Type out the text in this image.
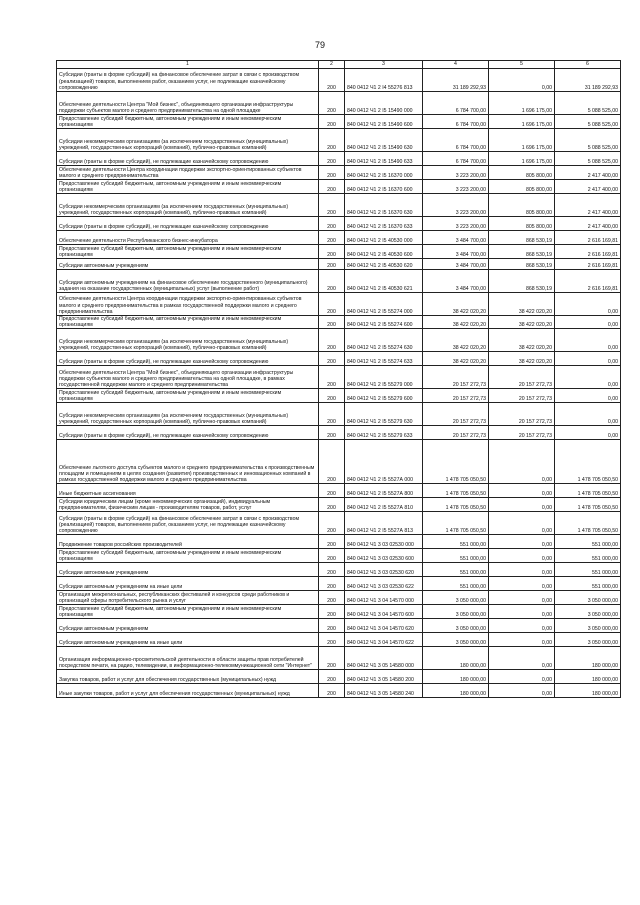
79
1	2	3	4	5	6
Субсидии (гранты в форме субсидий) на финансовое обеспечение затрат в связи с производством (реализацией) товаров, выполнением работ, оказанием услуг, не подлежащие казначейскому сопровождению	200	840 0412 Ч1 2 I4 55276 813	31 189 292,93	0,00	31 189 292,93
Обеспечение деятельности Центра "Мой бизнес", объединяющего организации инфраструктуры поддержки субъектов малого и среднего предпринимательства на одной площадке	200	840 0412 Ч1 2 I5 15490 000	6 784 700,00	1 696 175,00	5 088 525,00
Предоставление субсидий бюджетным, автономным учреждениям и иным некоммерческим организациям	200	840 0412 Ч1 2 I5 15490 600	6 784 700,00	1 696 175,00	5 088 525,00
Субсидии некоммерческим организациям (за исключением государственных (муниципальных) учреждений, государственных корпораций (компаний), публично-правовых компаний)	200	840 0412 Ч1 2 I5 15490 630	6 784 700,00	1 696 175,00	5 088 525,00
Субсидии (гранты в форме субсидий), не подлежащие казначейскому сопровождению	200	840 0412 Ч1 2 I5 15490 633	6 784 700,00	1 696 175,00	5 088 525,00
Обеспечение деятельности Центра координации поддержки экспортно-ориентированных субъектов малого и среднего предпринимательства	200	840 0412 Ч1 2 I5 16370 000	3 223 200,00	805 800,00	2 417 400,00
Предоставление субсидий бюджетным, автономным учреждениям и иным некоммерческим организациям	200	840 0412 Ч1 2 I5 16370 600	3 223 200,00	805 800,00	2 417 400,00
Субсидии некоммерческим организациям (за исключением государственных (муниципальных) учреждений, государственных корпораций (компаний), публично-правовых компаний)	200	840 0412 Ч1 2 I5 16370 630	3 223 200,00	805 800,00	2 417 400,00
Субсидии (гранты в форме субсидий), не подлежащие казначейскому сопровождению	200	840 0412 Ч1 2 I5 16370 633	3 223 200,00	805 800,00	2 417 400,00
Обеспечение деятельности Республиканского бизнес-инкубатора	200	840 0412 Ч1 2 I5 40530 000	3 484 700,00	868 530,19	2 616 169,81
Предоставление субсидий бюджетным, автономным учреждениям и иным некоммерческим организациям	200	840 0412 Ч1 2 I5 40530 600	3 484 700,00	868 530,19	2 616 169,81
Субсидии автономным учреждениям	200	840 0412 Ч1 2 I5 40530 620	3 484 700,00	868 530,19	2 616 169,81
Субсидии автономным учреждениям на финансовое обеспечение государственного (муниципального) задания на оказание государственных (муниципальных) услуг (выполнение работ)	200	840 0412 Ч1 2 I5 40530 621	3 484 700,00	868 530,19	2 616 169,81
Обеспечение деятельности Центра координации поддержки экспортно-ориентированных субъектов малого и среднего предпринимательства в рамках государственной поддержки малого и среднего предпринимательства	200	840 0412 Ч1 2 I5 55274 000	38 422 020,20	38 422 020,20	0,00
Предоставление субсидий бюджетным, автономным учреждениям и иным некоммерческим организациям	200	840 0412 Ч1 2 I5 55274 600	38 422 020,20	38 422 020,20	0,00
Субсидии некоммерческим организациям (за исключением государственных (муниципальных) учреждений, государственных корпораций (компаний), публично-правовых компаний)	200	840 0412 Ч1 2 I5 55274 630	38 422 020,20	38 422 020,20	0,00
Субсидии (гранты в форме субсидий), не подлежащие казначейскому сопровождению	200	840 0412 Ч1 2 I5 55274 633	38 422 020,20	38 422 020,20	0,00
Обеспечение деятельности Центра "Мой бизнес", объединяющего организации инфраструктуры поддержки субъектов малого и среднего предпринимательства на одной площадке, в рамках государственной поддержки малого и среднего предпринимательства	200	840 0412 Ч1 2 I5 55279 000	20 157 272,73	20 157 272,73	0,00
Предоставление субсидий бюджетным, автономным учреждениям и иным некоммерческим организациям	200	840 0412 Ч1 2 I5 55279 600	20 157 272,73	20 157 272,73	0,00
Субсидии некоммерческим организациям (за исключением государственных (муниципальных) учреждений, государственных корпораций (компаний), публично-правовых компаний)	200	840 0412 Ч1 2 I5 55279 630	20 157 272,73	20 157 272,73	0,00
Субсидии (гранты в форме субсидий), не подлежащие казначейскому сопровождению	200	840 0412 Ч1 2 I5 55279 633	20 157 272,73	20 157 272,73	0,00
Обеспечение льготного доступа субъектов малого и среднего предпринимательства к производственным площадям и помещениям в целях создания (развития) производственных и инновационных компаний в рамках государственной поддержки малого и среднего предпринимательства	200	840 0412 Ч1 2 I5 5527А 000	1 478 705 050,50	0,00	1 478 705 050,50
Иные бюджетные ассигнования	200	840 0412 Ч1 2 I5 5527А 800	1 478 705 050,50	0,00	1 478 705 050,50
Субсидии юридическим лицам (кроме некоммерческих организаций), индивидуальным предпринимателям, физическим лицам - производителям товаров, работ, услуг	200	840 0412 Ч1 2 I5 5527А 810	1 478 705 050,50	0,00	1 478 705 050,50
Субсидии (гранты в форме субсидий) на финансовое обеспечение затрат в связи с производством (реализацией) товаров, выполнением работ, оказанием услуг, не подлежащие казначейскому сопровождению	200	840 0412 Ч1 2 I5 5527А 813	1 478 705 050,50	0,00	1 478 705 050,50
Продвижение товаров российских производителей	200	840 0412 Ч1 3 03 02530 000	551 000,00	0,00	551 000,00
Предоставление субсидий бюджетным, автономным учреждениям и иным некоммерческим организациям	200	840 0412 Ч1 3 03 02530 600	551 000,00	0,00	551 000,00
Субсидии автономным учреждениям	200	840 0412 Ч1 3 03 02530 620	551 000,00	0,00	551 000,00
Субсидии автономным учреждениям на иные цели	200	840 0412 Ч1 3 03 02530 622	551 000,00	0,00	551 000,00
Организация межрегиональных, республиканских фестивалей и конкурсов среди работников и организаций сферы потребительского рынка и услуг	200	840 0412 Ч1 3 04 14570 000	3 050 000,00	0,00	3 050 000,00
Предоставление субсидий бюджетным, автономным учреждениям и иным некоммерческим организациям	200	840 0412 Ч1 3 04 14570 600	3 050 000,00	0,00	3 050 000,00
Субсидии автономным учреждениям	200	840 0412 Ч1 3 04 14570 620	3 050 000,00	0,00	3 050 000,00
Субсидии автономным учреждениям на иные цели	200	840 0412 Ч1 3 04 14570 622	3 050 000,00	0,00	3 050 000,00
Организация информационно-просветительской деятельности в области защиты прав потребителей посредством печати, на радио, телевидении, в информационно-телекоммуникационной сети "Интернет"	200	840 0412 Ч1 3 05 14580 000	180 000,00	0,00	180 000,00
Закупка товаров, работ и услуг для обеспечения государственных (муниципальных) нужд	200	840 0412 Ч1 3 05 14580 200	180 000,00	0,00	180 000,00
Иные закупки товаров, работ и услуг для обеспечения государственных (муниципальных) нужд	200	840 0412 Ч1 3 05 14580 240	180 000,00	0,00	180 000,00
